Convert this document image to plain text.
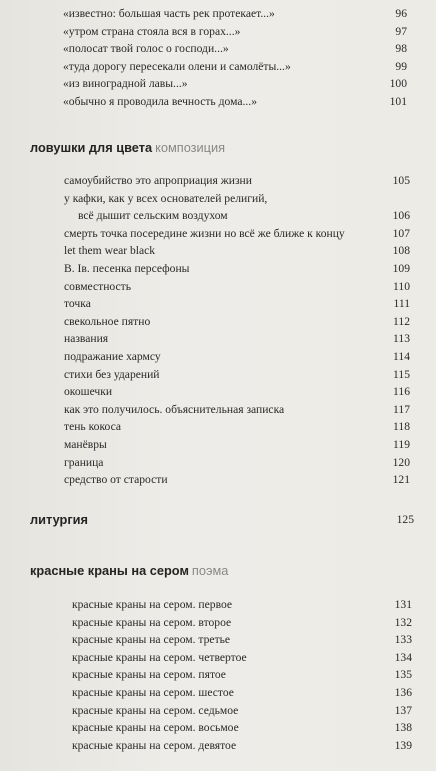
«известно: большая часть рек протекает...»	96
«утром страна стояла вся в горах...»	97
«полосат твой голос о господи...»	98
«туда дорогу пересекали олени и самолёты...»	99
«из виноградной лавы...»	100
«обычно я проводила вечность дома...»	101
ловушки для цвета композиция
самоубийство это апроприация жизни	105
у кафки, как у всех основателей религий,
всё дышит сельским воздухом	106
смерть точка посередине жизни но всё же ближе к концу	107
let them wear black	108
В. Iв. песенка персефоны	109
совместность	110
точка	111
свекольное пятно	112
названия	113
подражание хармсу	114
стихи без ударений	115
окошечки	116
как это получилось. объяснительная записка	117
тень кокоса	118
манёвры	119
граница	120
средство от старости	121
литургия	125
красные краны на сером поэма
красные краны на сером. первое	131
красные краны на сером. второе	132
красные краны на сером. третье	133
красные краны на сером. четвертое	134
красные краны на сером. пятое	135
красные краны на сером. шестое	136
красные краны на сером. седьмое	137
красные краны на сером. восьмое	138
красные краны на сером. девятое	139
